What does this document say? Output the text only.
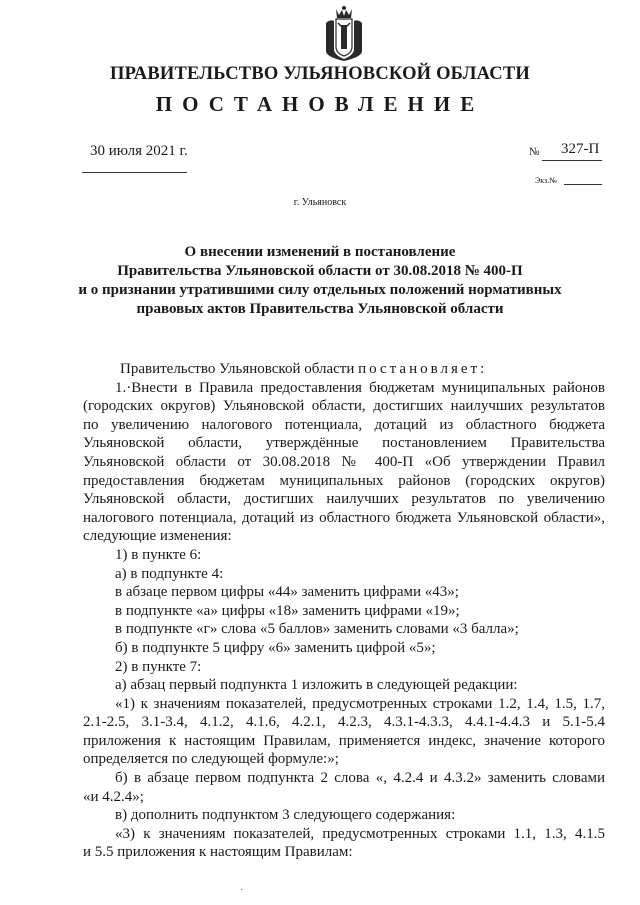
ПРАВИТЕЛЬСТВО УЛЬЯНОВСКОЙ ОБЛАСТИ
ПОСТАНОВЛЕНИЕ
30 июля 2021 г.	№ 327-П
Экз.№
г. Ульяновск
О внесении изменений в постановление
Правительства Ульяновской области от 30.08.2018 № 400-П
и о признании утратившими силу отдельных положений нормативных
правовых актов Правительства Ульяновской области

Правительство Ульяновской области постановляет:

1.·Внести в Правила предоставления бюджетам муниципальных районов

(городских округов) Ульяновской области, достигших наилучших результатов

по увеличению налогового потенциала, дотаций из областного бюджета

Ульяновской области, утверждённые постановлением Правительства

Ульяновской области от 30.08.2018 № 400-П «Об утверждении Правил

предоставления бюджетам муниципальных районов (городских округов)

Ульяновской области, достигших наилучших результатов по увеличению

налогового потенциала, дотаций из областного бюджета Ульяновской области»,

следующие изменения:

1) в пункте 6:

а) в подпункте 4:

в абзаце первом цифры «44» заменить цифрами «43»;

в подпункте «а» цифры «18» заменить цифрами «19»;

в подпункте «г» слова «5 баллов» заменить словами «3 балла»;

б) в подпункте 5 цифру «6» заменить цифрой «5»;

2) в пункте 7:

а) абзац первый подпункта 1 изложить в следующей редакции:

«1) к значениям показателей, предусмотренных строками 1.2, 1.4, 1.5, 1.7,

2.1-2.5, 3.1-3.4, 4.1.2, 4.1.6, 4.2.1, 4.2.3, 4.3.1-4.3.3, 4.4.1-4.4.3 и 5.1-5.4

приложения к настоящим Правилам, применяется индекс, значение которого

определяется по следующей формуле:»;

б) в абзаце первом подпункта 2 слова «, 4.2.4 и 4.3.2» заменить словами

«и 4.2.4»;

в) дополнить подпунктом 3 следующего содержания:

«3) к значениям показателей, предусмотренных строками 1.1, 1.3, 4.1.5

и 5.5 приложения к настоящим Правилам:

·
